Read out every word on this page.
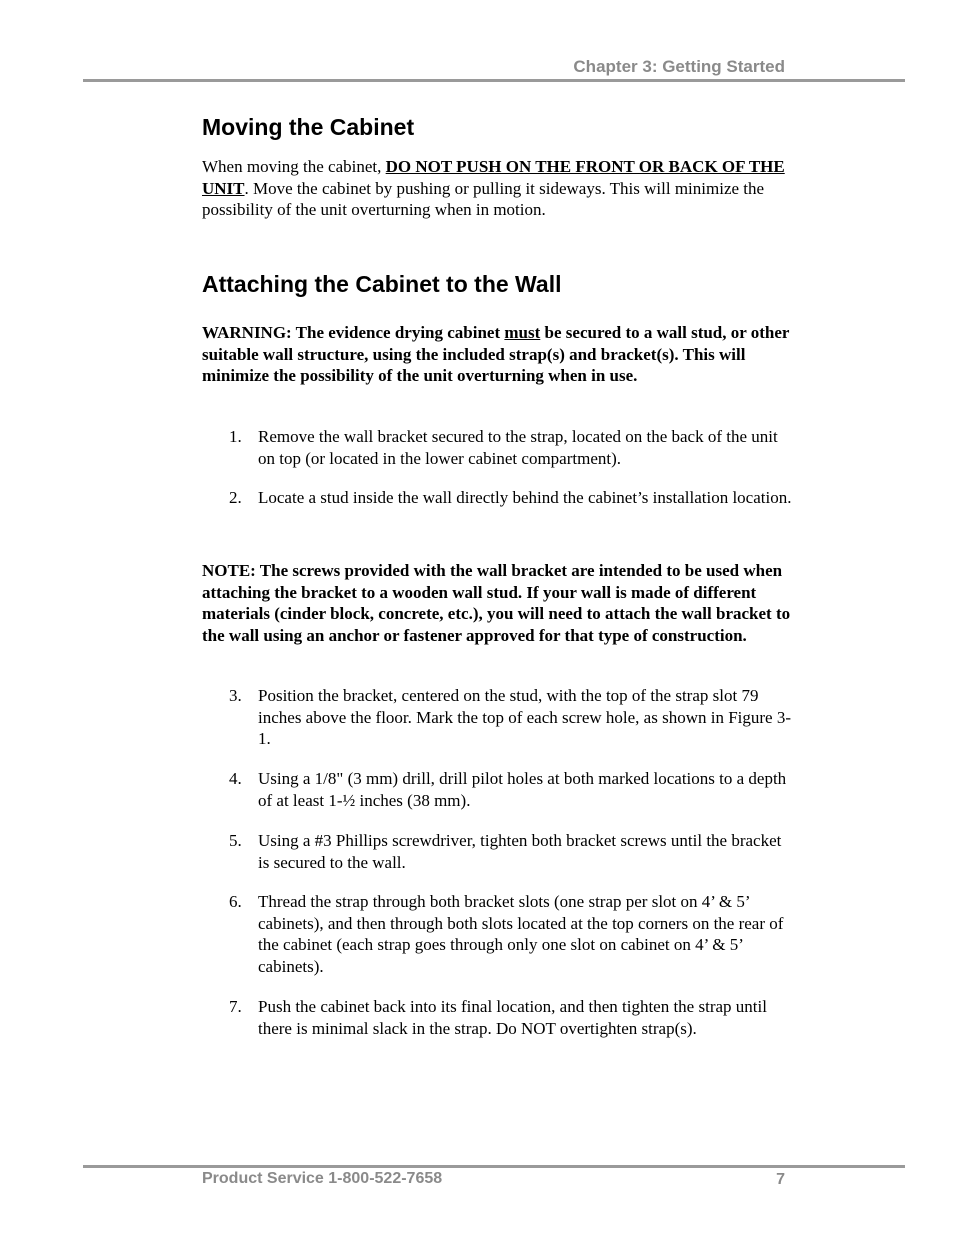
Chapter 3: Getting Started
Moving the Cabinet

When moving the cabinet, DO NOT PUSH ON THE FRONT OR BACK OF THE UNIT. Move the cabinet by pushing or pulling it sideways. This will minimize the possibility of the unit overturning when in motion.

Attaching the Cabinet to the Wall

WARNING: The evidence drying cabinet must be secured to a wall stud, or other suitable wall structure, using the included strap(s) and bracket(s). This will minimize the possibility of the unit overturning when in use.

1. Remove the wall bracket secured to the strap, located on the back of the unit on top (or located in the lower cabinet compartment).
2. Locate a stud inside the wall directly behind the cabinet’s installation location.

NOTE: The screws provided with the wall bracket are intended to be used when attaching the bracket to a wooden wall stud. If your wall is made of different materials (cinder block, concrete, etc.), you will need to attach the wall bracket to the wall using an anchor or fastener approved for that type of construction.

3. Position the bracket, centered on the stud, with the top of the strap slot 79 inches above the floor. Mark the top of each screw hole, as shown in Figure 3-1.
4. Using a 1/8" (3 mm) drill, drill pilot holes at both marked locations to a depth of at least 1-½ inches (38 mm).
5. Using a #3 Phillips screwdriver, tighten both bracket screws until the bracket is secured to the wall.
6. Thread the strap through both bracket slots (one strap per slot on 4’ & 5’ cabinets), and then through both slots located at the top corners on the rear of the cabinet (each strap goes through only one slot on cabinet on 4’ & 5’ cabinets).
7. Push the cabinet back into its final location, and then tighten the strap until there is minimal slack in the strap. Do NOT overtighten strap(s).
Product Service 1-800-522-7658	7
